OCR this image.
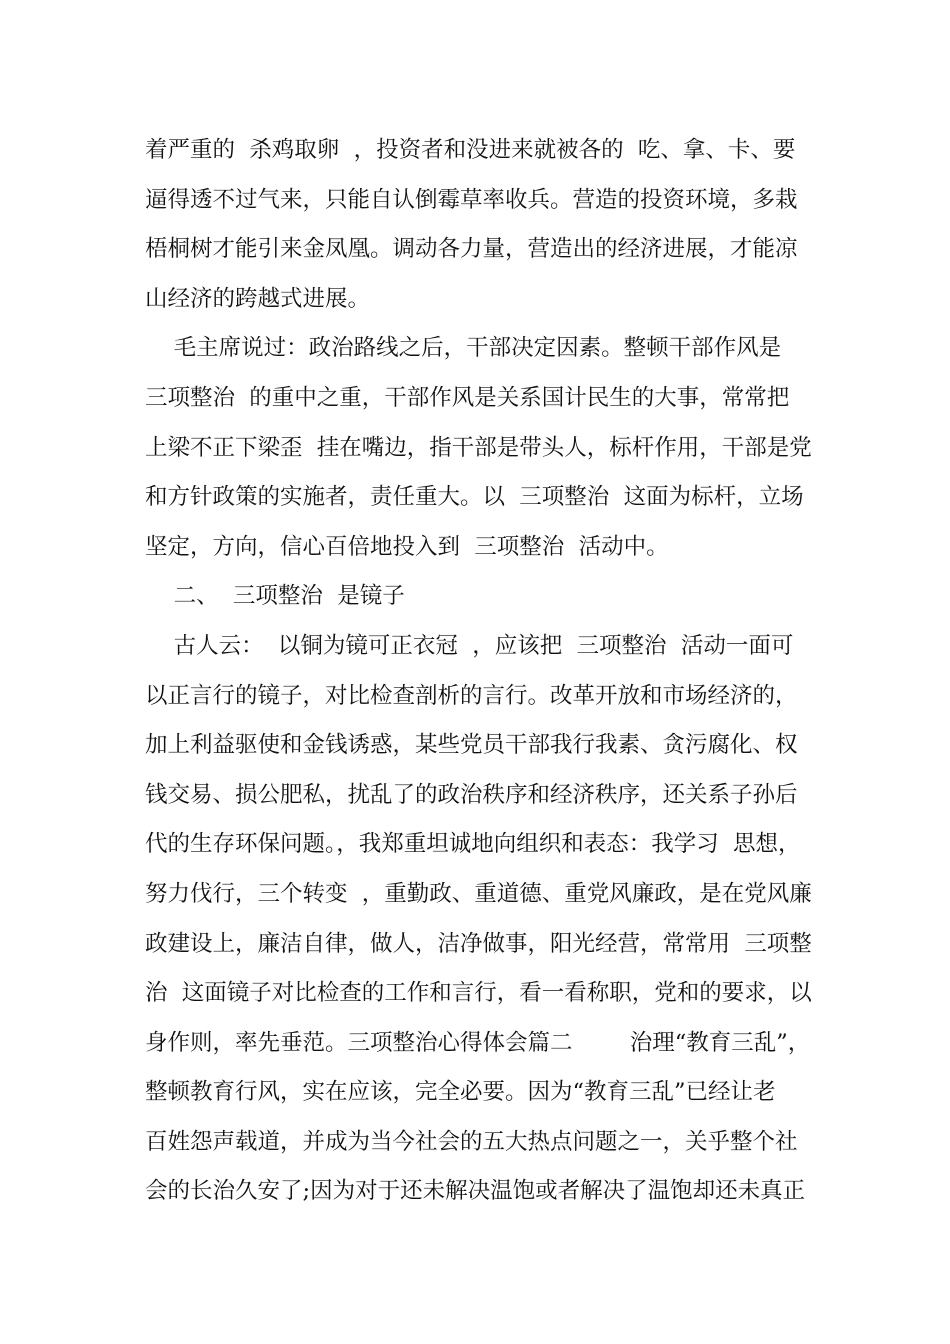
着严重的  杀鸡取卵  ，投资者和没进来就被各的  吃、拿、卡、要
逼得透不过气来，只能自认倒霉草率收兵。营造的投资环境，多栽
梧桐树才能引来金凤凰。调动各力量，营造出的经济进展，才能凉
山经济的跨越式进展。
毛主席说过：政治路线之后，干部决定因素。整顿干部作风是
三项整治  的重中之重，干部作风是关系国计民生的大事，常常把
上梁不正下梁歪  挂在嘴边，指干部是带头人，标杆作用，干部是党
和方针政策的实施者，责任重大。以  三项整治  这面为标杆，立场
坚定，方向，信心百倍地投入到  三项整治  活动中。
二、  三项整治  是镜子
古人云：  以铜为镜可正衣冠  ，应该把  三项整治  活动一面可
以正言行的镜子，对比检查剖析的言行。改革开放和市场经济的，
加上利益驱使和金钱诱惑，某些党员干部我行我素、贪污腐化、权
钱交易、损公肥私，扰乱了的政治秩序和经济秩序，还关系子孙后
代的生存环保问题。，我郑重坦诚地向组织和表态：我学习  思想，
努力伐行，三个转变  ，重勤政、重道德、重党风廉政，是在党风廉
政建设上，廉洁自律，做人，洁净做事，阳光经营，常常用  三项整
治  这面镜子对比检查的工作和言行，看一看称职，党和的要求，以
身作则，率先垂范。三项整治心得体会篇二        治理“教育三乱”，
整顿教育行风，实在应该，完全必要。因为“教育三乱”已经让老
百姓怨声载道，并成为当今社会的五大热点问题之一，关乎整个社
会的长治久安了;因为对于还未解决温饱或者解决了温饱却还未真正
